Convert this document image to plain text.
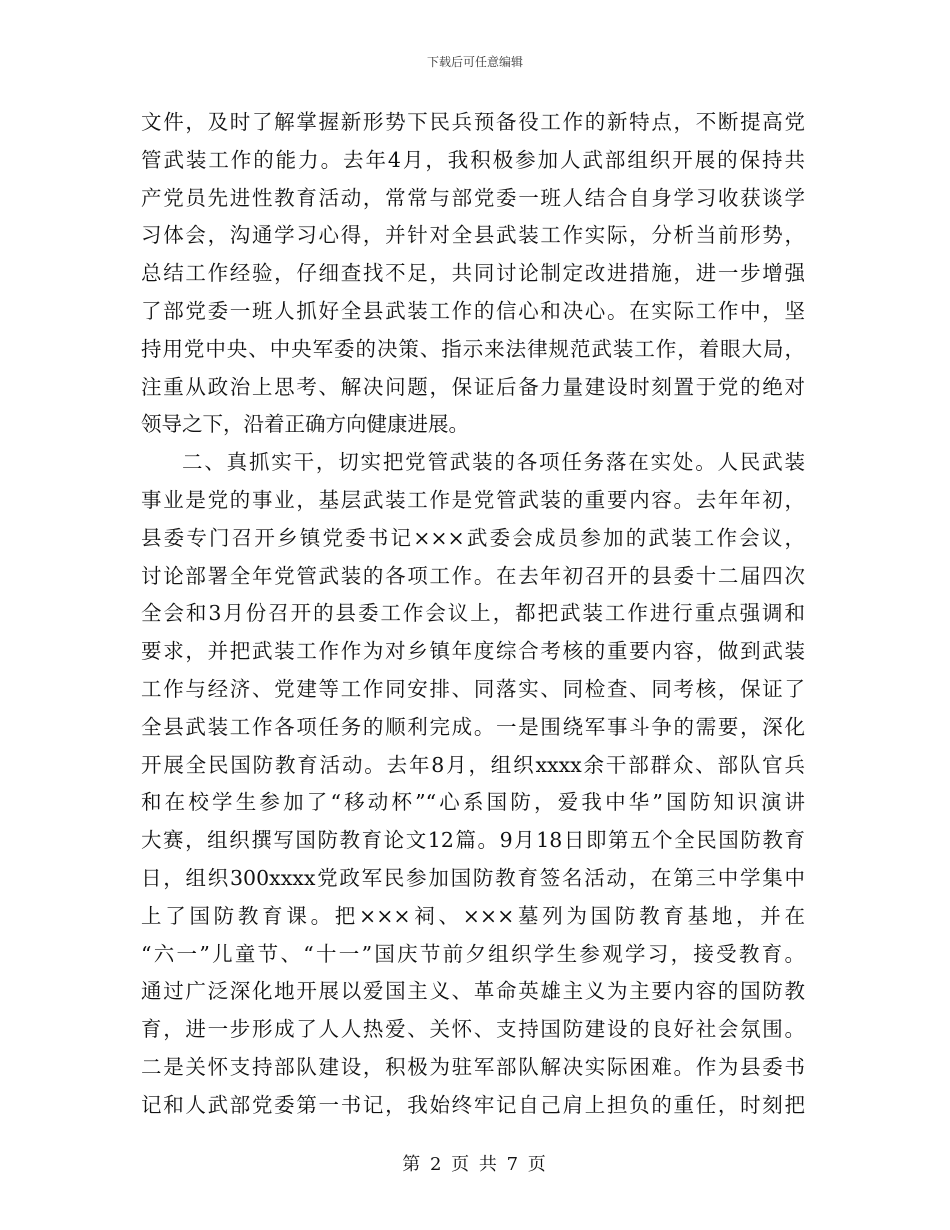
下载后可任意编辑
文件，及时了解掌握新形势下民兵预备役工作的新特点，不断提高党
管武装工作的能力。去年4月，我积极参加人武部组织开展的保持共
产党员先进性教育活动，常常与部党委一班人结合自身学习收获谈学
习体会，沟通学习心得，并针对全县武装工作实际，分析当前形势，
总结工作经验，仔细查找不足，共同讨论制定改进措施，进一步增强
了部党委一班人抓好全县武装工作的信心和决心。在实际工作中，坚
持用党中央、中央军委的决策、指示来法律规范武装工作，着眼大局，
注重从政治上思考、解决问题，保证后备力量建设时刻置于党的绝对
领导之下，沿着正确方向健康进展。
二、真抓实干，切实把党管武装的各项任务落在实处。人民武装
事业是党的事业，基层武装工作是党管武装的重要内容。去年年初，
县委专门召开乡镇党委书记×××武委会成员参加的武装工作会议，
讨论部署全年党管武装的各项工作。在去年初召开的县委十二届四次
全会和3月份召开的县委工作会议上，都把武装工作进行重点强调和
要求，并把武装工作作为对乡镇年度综合考核的重要内容，做到武装
工作与经济、党建等工作同安排、同落实、同检查、同考核，保证了
全县武装工作各项任务的顺利完成。一是围绕军事斗争的需要，深化
开展全民国防教育活动。去年8月，组织xxxx余干部群众、部队官兵
和在校学生参加了“移动杯”“心系国防，爱我中华”国防知识演讲
大赛，组织撰写国防教育论文12篇。9月18日即第五个全民国防教育
日，组织300xxxx党政军民参加国防教育签名活动，在第三中学集中
上了国防教育课。把×××祠、×××墓列为国防教育基地，并在
“六一”儿童节、“十一”国庆节前夕组织学生参观学习，接受教育。
通过广泛深化地开展以爱国主义、革命英雄主义为主要内容的国防教
育，进一步形成了人人热爱、关怀、支持国防建设的良好社会氛围。
二是关怀支持部队建设，积极为驻军部队解决实际困难。作为县委书
记和人武部党委第一书记，我始终牢记自己肩上担负的重任，时刻把
第 2 页 共 7 页
